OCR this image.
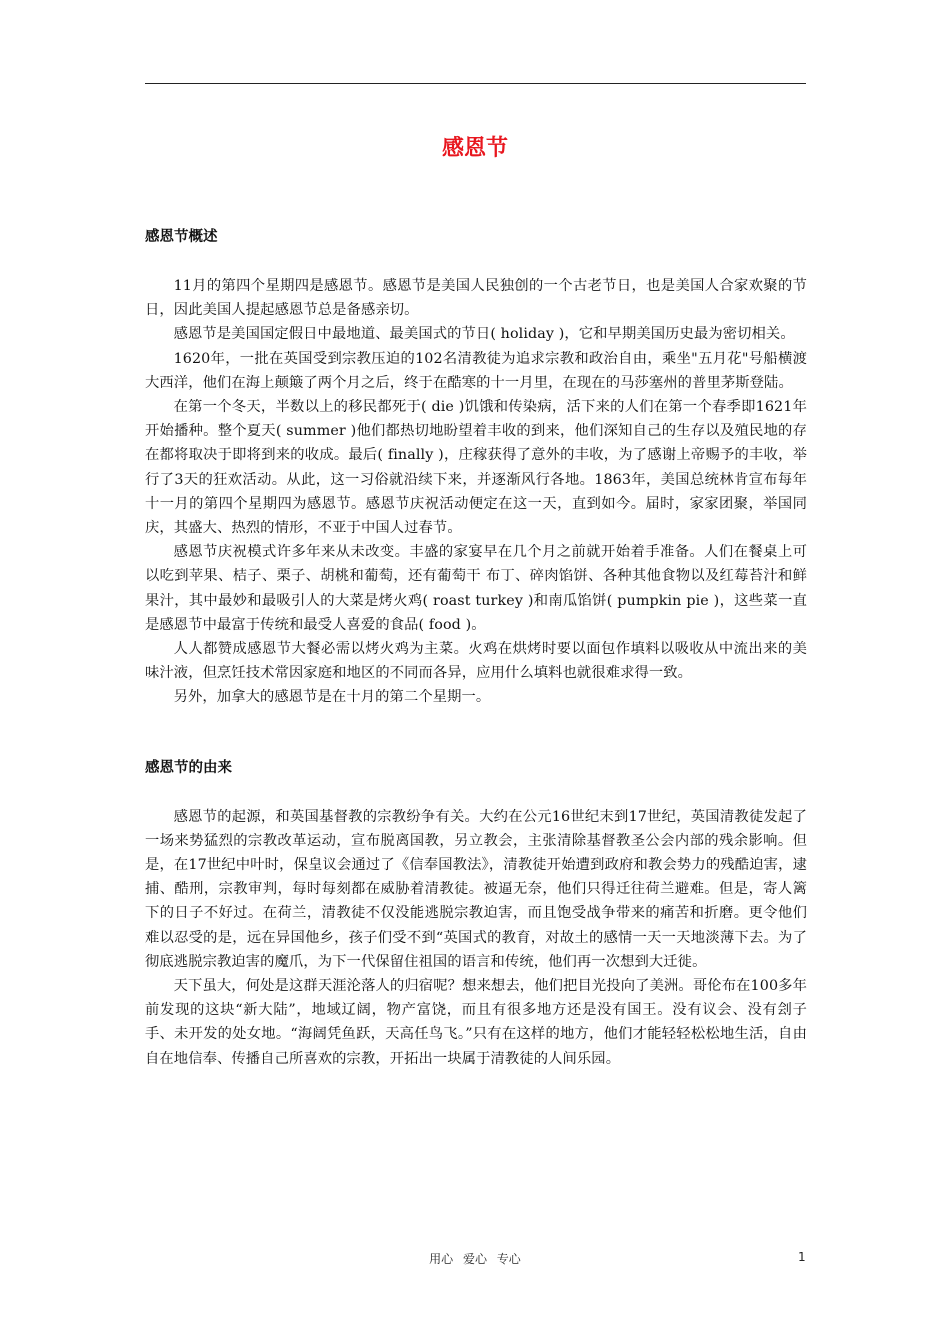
感恩节
感恩节概述

11月的第四个星期四是感恩节。感恩节是美国人民独创的一个古老节日，也是美国人合家欢聚的节日，因此美国人提起感恩节总是备感亲切。

感恩节是美国国定假日中最地道、最美国式的节日( holiday )，它和早期美国历史最为密切相关。

1620年，一批在英国受到宗教压迫的102名清教徒为追求宗教和政治自由，乘坐"五月花"号船横渡大西洋，他们在海上颠簸了两个月之后，终于在酷寒的十一月里，在现在的马莎塞州的普里茅斯登陆。

在第一个冬天，半数以上的移民都死于( die )饥饿和传染病，活下来的人们在第一个春季即1621年开始播种。整个夏天( summer )他们都热切地盼望着丰收的到来，他们深知自己的生存以及殖民地的存在都将取决于即将到来的收成。最后( finally )，庄稼获得了意外的丰收，为了感谢上帝赐予的丰收，举行了3天的狂欢活动。从此，这一习俗就沿续下来，并逐渐风行各地。1863年，美国总统林肯宣布每年十一月的第四个星期四为感恩节。感恩节庆祝活动便定在这一天，直到如今。届时，家家团聚，举国同庆，其盛大、热烈的情形，不亚于中国人过春节。

感恩节庆祝模式许多年来从未改变。丰盛的家宴早在几个月之前就开始着手准备。人们在餐桌上可以吃到苹果、桔子、栗子、胡桃和葡萄，还有葡萄干 布丁、碎肉馅饼、各种其他食物以及红莓苔汁和鲜果汁，其中最妙和最吸引人的大菜是烤火鸡( roast turkey )和南瓜馅饼( pumpkin pie )，这些菜一直是感恩节中最富于传统和最受人喜爱的食品( food )。

人人都赞成感恩节大餐必需以烤火鸡为主菜。火鸡在烘烤时要以面包作填料以吸收从中流出来的美味汁液，但烹饪技术常因家庭和地区的不同而各异，应用什么填料也就很难求得一致。

另外，加拿大的感恩节是在十月的第二个星期一。

感恩节的由来

感恩节的起源，和英国基督教的宗教纷争有关。大约在公元16世纪末到17世纪，英国清教徒发起了一场来势猛烈的宗教改革运动，宣布脱离国教，另立教会，主张清除基督教圣公会内部的残余影响。但是，在17世纪中叶时，保皇议会通过了《信奉国教法》，清教徒开始遭到政府和教会势力的残酷迫害，逮捕、酷刑，宗教审判，每时每刻都在威胁着清教徒。被逼无奈，他们只得迁往荷兰避难。但是，寄人篱下的日子不好过。在荷兰，清教徒不仅没能逃脱宗教迫害，而且饱受战争带来的痛苦和折磨。更令他们难以忍受的是，远在异国他乡，孩子们受不到“英国式的教育，对故土的感情一天一天地淡薄下去。为了彻底逃脱宗教迫害的魔爪，为下一代保留住祖国的语言和传统，他们再一次想到大迁徙。

天下虽大，何处是这群天涯沦落人的归宿呢？想来想去，他们把目光投向了美洲。哥伦布在100多年前发现的这块“新大陆”，地域辽阔，物产富饶，而且有很多地方还是没有国王。没有议会、没有刽子手、未开发的处女地。“海阔凭鱼跃，天高任鸟飞。”只有在这样的地方，他们才能轻轻松松地生活，自由自在地信奉、传播自己所喜欢的宗教，开拓出一块属于清教徒的人间乐园。

用心 爱心 专心	1
